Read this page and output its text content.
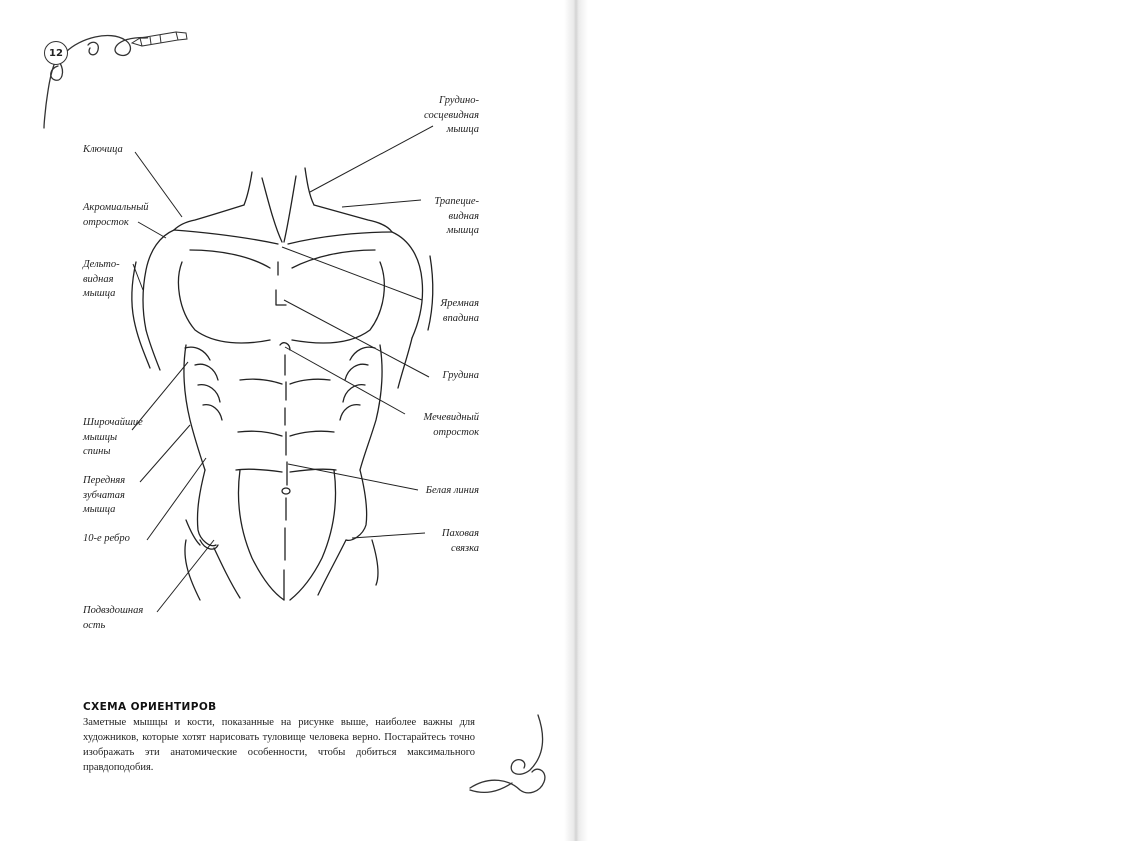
12
Ключица
Акромиальный
отросток
Дельто-
видная
мышца
Широчайшие
мышцы
спины
Передняя
зубчатая
мышца
10-е ребро
Подвздошная
ость
Грудино-
сосцевидная
мышца
Трапецие-
видная
мышца
Яремная
впадина
Грудина
Мечевидный
отросток
Белая линия
Паховая
связка
СХЕМА ОРИЕНТИРОВ
Заметные мышцы и кости, показанные на рисунке выше, наиболее важны для художников, которые хотят нарисовать туловище человека верно. Постарайтесь точно изображать эти анатомические особенности, чтобы добиться максимального правдоподобия.
